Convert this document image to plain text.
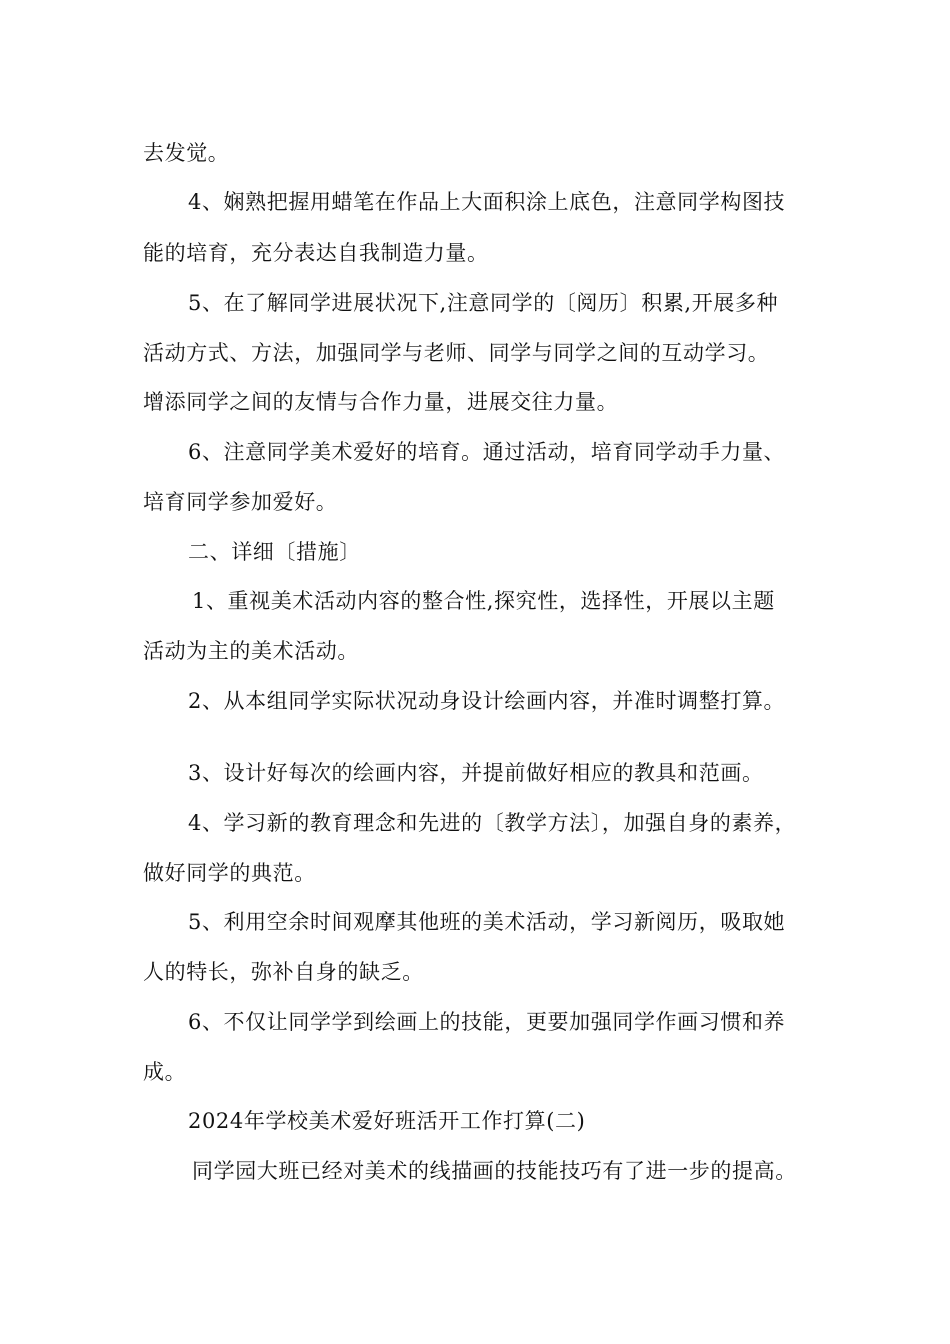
去发觉。
4、娴熟把握用蜡笔在作品上大面积涂上底色，注意同学构图技
能的培育，充分表达自我制造力量。
5、在了解同学进展状况下,注意同学的〔阅历〕积累,开展多种
活动方式、方法，加强同学与老师、同学与同学之间的互动学习。
增添同学之间的友情与合作力量，进展交往力量。
6、注意同学美术爱好的培育。通过活动，培育同学动手力量、
培育同学参加爱好。
二、详细〔措施〕
1、重视美术活动内容的整合性,探究性，选择性，开展以主题
活动为主的美术活动。
2、从本组同学实际状况动身设计绘画内容，并准时调整打算。
3、设计好每次的绘画内容，并提前做好相应的教具和范画。
4、学习新的教育理念和先进的〔教学方法〕，加强自身的素养，
做好同学的典范。
5、利用空余时间观摩其他班的美术活动，学习新阅历，吸取她
人的特长，弥补自身的缺乏。
6、不仅让同学学到绘画上的技能，更要加强同学作画习惯和养
成。
2024年学校美术爱好班活开工作打算(二)
同学园大班已经对美术的线描画的技能技巧有了进一步的提高。
